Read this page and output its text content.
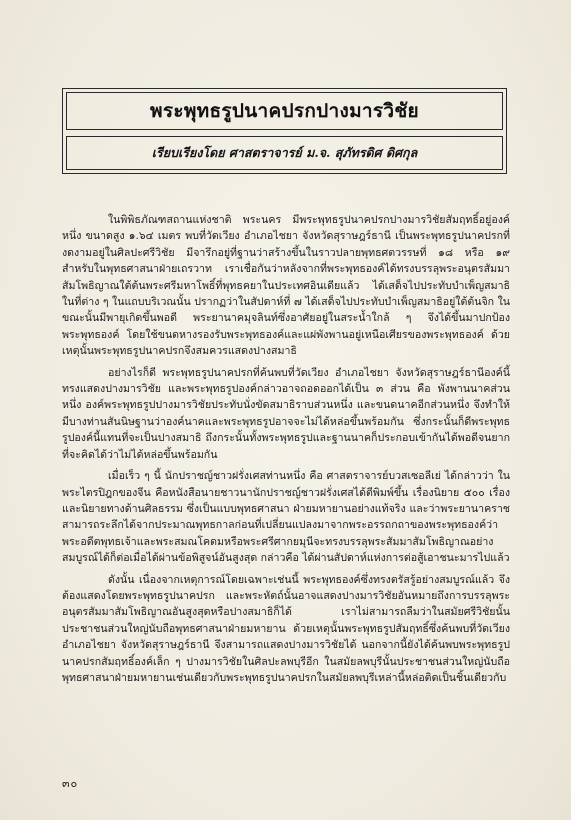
พระพุทธรูปนาคปรกปางมารวิชัย
เรียบเรียงโดย ศาสตราจารย์ ม.จ. สุภัทรดิศ ดิศกุล

ในพิพิธภัณฑสถานแห่งชาติ พระนคร มีพระพุทธรูปนาคปรกปางมารวิชัยสัมฤทธิ์อยู่องค์หนึ่ง ขนาดสูง ๑.๖๔ เมตร พบที่วัดเวียง อำเภอไชยา จังหวัดสุราษฎร์ธานี เป็นพระพุทธรูปนาคปรกที่งดงามอยู่ในศิลปะศรีวิชัย มีจารึกอยู่ที่ฐานว่าสร้างขึ้นในราวปลายพุทธศตวรรษที่ ๑๘ หรือ ๑๙ สำหรับในพุทธศาสนาฝ่ายเถรวาท เราเชื่อกันว่าหลังจากที่พระพุทธองค์ได้ทรงบรรลุพระอนุตรสัมมาสัมโพธิญาณใต้ต้นพระศรีมหาโพธิ์ที่พุทธคยาในประเทศอินเดียแล้ว ได้เสด็จไปประทับบำเพ็ญสมาธิในที่ต่าง ๆ ในแถบบริเวณนั้น ปรากฏว่าในสัปดาห์ที่ ๗ ได้เสด็จไปประทับบำเพ็ญสมาธิอยู่ใต้ต้นจิก ในขณะนั้นมีพายุเกิดขึ้นพอดี พระยานาคมุจลินท์ซึ่งอาศัยอยู่ในสระน้ำใกล้ ๆ จึงได้ขึ้นมาปกป้องพระพุทธองค์ โดยใช้ขนดหางรองรับพระพุทธองค์และแผ่พังพานอยู่เหนือเศียรของพระพุทธองค์ ด้วยเหตุนั้นพระพุทธรูปนาคปรกจึงสมควรแสดงปางสมาธิ

อย่างไรก็ดี พระพุทธรูปนาคปรกที่ค้นพบที่วัดเวียง อำเภอไชยา จังหวัดสุราษฎร์ธานีองค์นี้ ทรงแสดงปางมารวิชัย และพระพุทธรูปองค์กล่าวอาจถอดออกได้เป็น ๓ ส่วน คือ พังพานนาคส่วนหนึ่ง องค์พระพุทธรูปปางมารวิชัยประทับนั่งขัดสมาธิราบส่วนหนึ่ง และขนดนาคอีกส่วนหนึ่ง จึงทำให้มีบางท่านสันนิษฐานว่าองค์นาคและพระพุทธรูปอาจจะไม่ได้หล่อขึ้นพร้อมกัน ซึ่งกระนั้นก็ดีพระพุทธรูปองค์นี้แทนที่จะเป็นปางสมาธิ ถึงกระนั้นทั้งพระพุทธรูปและฐานนาคก็ประกอบเข้ากันได้พอดีจนยากที่จะคิดได้ว่าไม่ได้หล่อขึ้นพร้อมกัน

เมื่อเร็ว ๆ นี้ นักปราชญ์ชาวฝรั่งเศสท่านหนึ่ง คือ ศาสตราจารย์บวสเซอลีเย่ ได้กล่าวว่า ในพระไตรปิฎกของจีน คือหนังสือนายชาวนานักปราชญ์ชาวฝรั่งเศสได้ตีพิมพ์ขึ้น เรื่องนิยาย ๕๐๐ เรื่องและนิยายทางด้านศิลธรรม ซึ่งเป็นแบบพุทธศาสนา ฝ่ายมหายานอย่างแท้จริง และว่าพระยานาคราชสามารถระลึกได้จากประมาณพุทธกาลก่อนที่เปลี่ยนแปลงมาจากพระอรรถกถาของพระพุทธองค์ว่า พระอดีตพุทธเจ้าและพระสมณโคดมหรือพระศรีศากยมุนีจะทรงบรรลุพระสัมมาสัมโพธิญาณอย่างสมบูรณ์ได้ก็ต่อเมื่อได้ผ่านข้อพิสูจน์อันสูงสุด กล่าวคือ ได้ผ่านสัปดาห์แห่งการต่อสู้เอาชนะมารไปแล้ว

ดังนั้น เนื่องจากเหตุการณ์โดยเฉพาะเช่นนี้ พระพุทธองค์ซึ่งทรงตรัสรู้อย่างสมบูรณ์แล้ว จึงต้องแสดงโดยพระพุทธรูปนาคปรก และพระหัตถ์นั้นอาจแสดงปางมารวิชัยอันหมายถึงการบรรลุพระอนุตรสัมมาสัมโพธิญาณอันสูงสุดหรือปางสมาธิก็ได้ เราไม่สามารถลืมว่าในสมัยศรีวิชัยนั้น ประชาชนส่วนใหญ่นับถือพุทธศาสนาฝ่ายมหายาน ด้วยเหตุนั้นพระพุทธรูปสัมฤทธิ์ซึ่งค้นพบที่วัดเวียง อำเภอไชยา จังหวัดสุราษฎร์ธานี จึงสามารถแสดงปางมารวิชัยได้ นอกจากนี้ยังได้ค้นพบพระพุทธรูปนาคปรกสัมฤทธิ์องค์เล็ก ๆ ปางมารวิชัยในศิลปะลพบุรีอีก ในสมัยลพบุรีนั้นประชาชนส่วนใหญ่นับถือพุทธศาสนาฝ่ายมหายานเช่นเดียวกับพระพุทธรูปนาคปรกในสมัยลพบุรีเหล่านี้หล่อติดเป็นชิ้นเดียวกับ

๓๐
